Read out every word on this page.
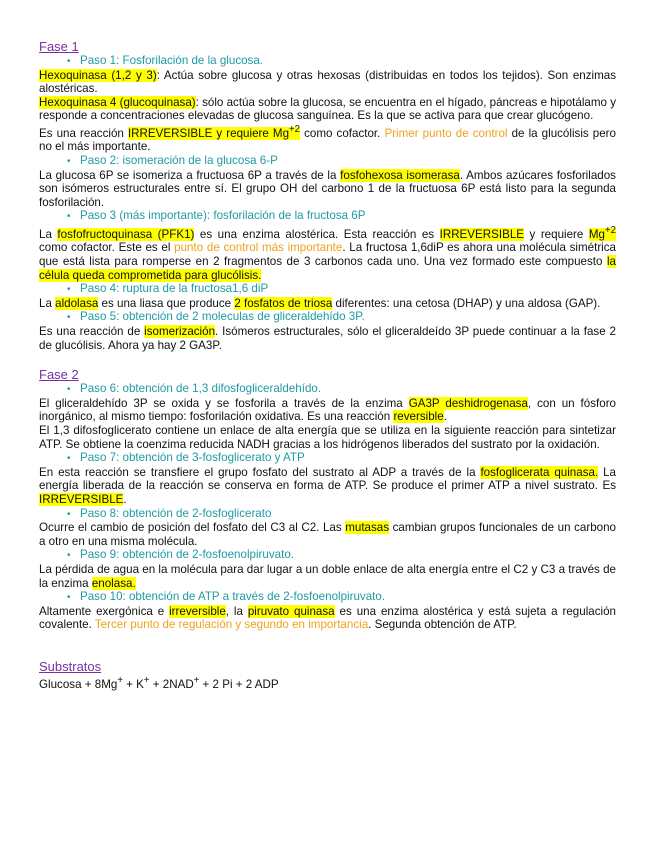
Fase 1
• Paso 1: Fosforilación de la glucosa.
Hexoquinasa (1,2 y 3): Actúa sobre glucosa y otras hexosas (distribuidas en todos los tejidos). Son enzimas alostéricas.
Hexoquinasa 4 (glucoquinasa): sólo actúa sobre la glucosa, se encuentra en el hígado, páncreas e hipotálamo y responde a concentraciones elevadas de glucosa sanguínea. Es la que se activa para que crear glucógeno.
Es una reacción IRREVERSIBLE y requiere $Mg^{+2}$ como cofactor. Primer punto de control de la glucólisis pero no el más importante.
• Paso 2: isomeración de la glucosa 6-P
La glucosa 6P se isomeriza a fructuosa 6P a través de la fosfohexosa isomerasa. Ambos azúcares fosforilados son isómeros estructurales entre sí. El grupo OH del carbono 1 de la fructuosa 6P está listo para la segunda fosforilación.
• Paso 3 (más importante): fosforilación de la fructosa 6P
La fosfofructoquinasa (PFK1) es una enzima alostérica. Esta reacción es IRREVERSIBLE y requiere $Mg^{+2}$ como cofactor. Este es el punto de control más importante. La fructosa 1,6diP es ahora una molécula simétrica que está lista para romperse en 2 fragmentos de 3 carbonos cada uno. Una vez formado este compuesto la célula queda comprometida para glucólisis.
• Paso 4: ruptura de la fructosa1,6 diP
La aldolasa es una liasa que produce 2 fosfatos de triosa diferentes: una cetosa (DHAP) y una aldosa (GAP).
• Paso 5: obtención de 2 moleculas de gliceraldehído 3P.
Es una reacción de isomerización. Isómeros estructurales, sólo el gliceraldeído 3P puede continuar a la fase 2 de glucólisis. Ahora ya hay 2 GA3P.
Fase 2
• Paso 6: obtención de 1,3 difosfogliceraldehído.
El gliceraldehído 3P se oxida y se fosforila a través de la enzima GA3P deshidrogenasa, con un fósforo inorgánico, al mismo tiempo: fosforilación oxidativa. Es una reacción reversible.
El 1,3 difosfoglicerato contiene un enlace de alta energía que se utiliza en la siguiente reacción para sintetizar ATP. Se obtiene la coenzima reducida NADH gracias a los hidrógenos liberados del sustrato por la oxidación.
• Paso 7: obtención de 3-fosfoglicerato y ATP
En esta reacción se transfiere el grupo fosfato del sustrato al ADP a través de la fosfoglicerata quinasa. La energía liberada de la reacción se conserva en forma de ATP. Se produce el primer ATP a nivel sustrato. Es IRREVERSIBLE.
• Paso 8: obtención de 2-fosfoglicerato
Ocurre el cambio de posición del fosfato del C3 al C2. Las mutasas cambian grupos funcionales de un carbono a otro en una misma molécula.
• Paso 9: obtención de 2-fosfoenolpiruvato.
La pérdida de agua en la molécula para dar lugar a un doble enlace de alta energía entre el C2 y C3 a través de la enzima enolasa.
• Paso 10: obtención de ATP a través de 2-fosfoenolpiruvato.
Altamente exergónica e irreversible, la piruvato quinasa es una enzima alostérica y está sujeta a regulación covalente. Tercer punto de regulación y segundo en importancia. Segunda obtención de ATP.
Substratos
Glucosa + 8Mg+ + K+ + 2NAD+ + 2 Pi + 2 ADP
